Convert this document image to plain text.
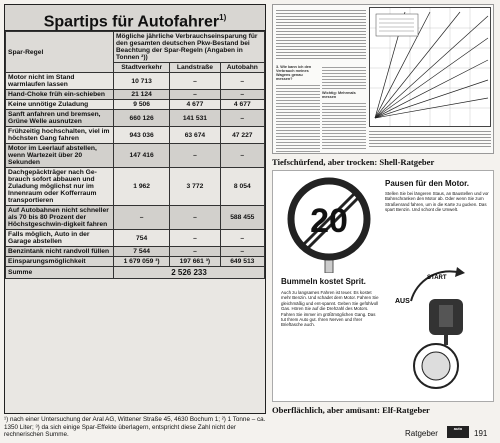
Spartips für Autofahrer$^{1)}$
Spar-Regel	Mögliche jährliche Verbrauchseinsparung für den gesamten deutschen Pkw-Bestand bei Beachtung der Spar-Regeln (Angaben in Tonnen ²))		
	Stadtverkehr	Landstraße	Autobahn
Motor nicht im Stand warmlaufen lassen	10 713	–	–
Hand-Choke früh ein-schieben	21 124	–	–
Keine unnötige Zuladung	9 506	4 677	4 677
Sanft anfahren und bremsen, Grüne Welle ausnutzen	660 126	141 531	–
Frühzeitig hochschalten, viel im höchsten Gang fahren	943 036	63 674	47 227
Motor im Leerlauf abstellen, wenn Wartezeit über 20 Sekunden	147 416	–	–
Dachgepäckträger nach Ge-brauch sofort abbauen und Zuladung möglichst nur im Innenraum oder Kofferraum transportieren	1 962	3 772	8 054
Auf Autobahnen nicht schneller als 70 bis 80 Prozent der Höchstgeschwin-digkeit fahren	–	–	588 455
Falls möglich, Auto in der Garage abstellen	754	–	–
Benzintank nicht randvoll füllen	7 544	–	–
Einsparungsmöglichkeit	1 679 059 ³)	197 661 ³)	649 513
Summe	2 526 233		
¹) nach einer Untersuchung der Aral AG, Wittener Straße 45, 4630 Bochum 1; ²) 1 Tonne – ca. 1350 Liter; ³) da sich einige Spar-Effekte überlagern, entspricht diese Zahl nicht der rechnerischen Summe.
3. Wie kann ich den Verbrauch meines Wagens genau messen?
Wichtig: Mehrmals messen
Tiefschürfend, aber trocken: Shell-Ratgeber
20
Pausen für den Motor.

Stellen Sie bei längeren Staus, an Baustellen und vor Bahnschranken den Motor ab. Oder wenn Sie zum Straßenrand fahren, um in die Karte zu gucken. Das spart Benzin. Und schont die Umwelt.

AUS
START
Bummeln kostet Sprit.

Auch zu langsames Fahren ist teuer. Es kostet mehr Benzin. Und schadet dem Motor. Fahren Sie gleichmäßig und ent-spannt. Geben Sie gefühlvoll Gas. Hören Sie auf die Drehzahl des Motors. Fahren Sie immer im größtmöglichen Gang. Das tut Ihrem Auto gut. Ihren Nerven und Ihrer Brieftasche auch.

Oberflächlich, aber amüsant: Elf-Ratgeber
Ratgeber
auto
191
